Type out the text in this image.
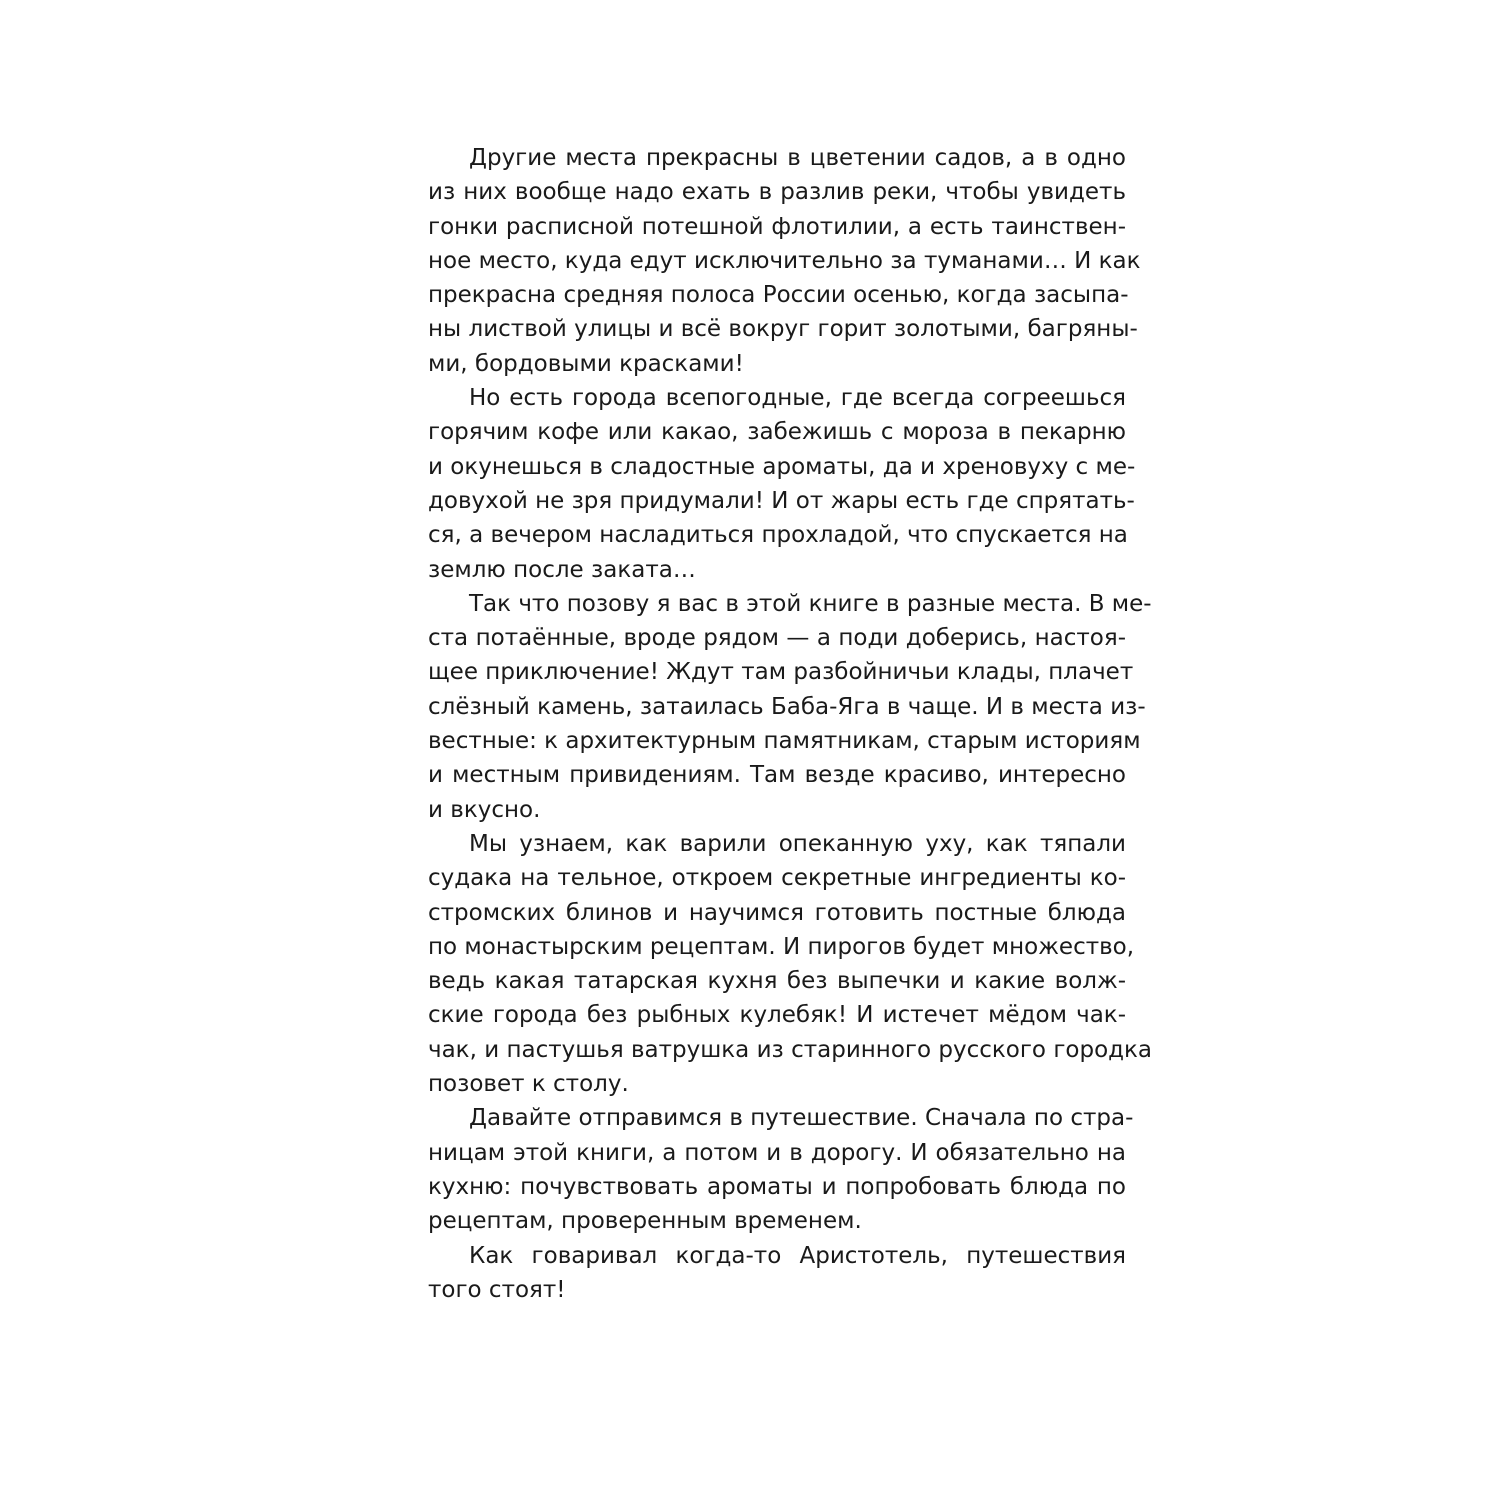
Другие места прекрасны в цветении садов, а в одно
из них вообще надо ехать в разлив реки, чтобы увидеть
гонки расписной потешной флотилии, а есть таинствен-
ное место, куда едут исключительно за туманами… И как
прекрасна средняя полоса России осенью, когда засыпа-
ны листвой улицы и всё вокруг горит золотыми, багряны-
ми, бордовыми красками!
Но есть города всепогодные, где всегда согреешься
горячим кофе или какао, забежишь с мороза в пекарню
и окунешься в сладостные ароматы, да и хреновуху с ме-
довухой не зря придумали! И от жары есть где спрятать-
ся, а вечером насладиться прохладой, что спускается на
землю после заката…
Так что позову я вас в этой книге в разные места. В ме-
ста потаённые, вроде рядом — а поди доберись, настоя-
щее приключение! Ждут там разбойничьи клады, плачет
слёзный камень, затаилась Баба-Яга в чаще. И в места из-
вестные: к архитектурным памятникам, старым историям
и местным привидениям. Там везде красиво, интересно
и вкусно.
Мы узнаем, как варили опеканную уху, как тяпали
судака на тельное, откроем секретные ингредиенты ко-
стромских блинов и научимся готовить постные блюда
по монастырским рецептам. И пирогов будет множество,
ведь какая татарская кухня без выпечки и какие волж-
ские города без рыбных кулебяк! И истечет мёдом чак-
чак, и пастушья ватрушка из старинного русского городка
позовет к столу.
Давайте отправимся в путешествие. Сначала по стра-
ницам этой книги, а потом и в дорогу. И обязательно на
кухню: почувствовать ароматы и попробовать блюда по
рецептам, проверенным временем.
Как говаривал когда-то Аристотель, путешествия
того стоят!
